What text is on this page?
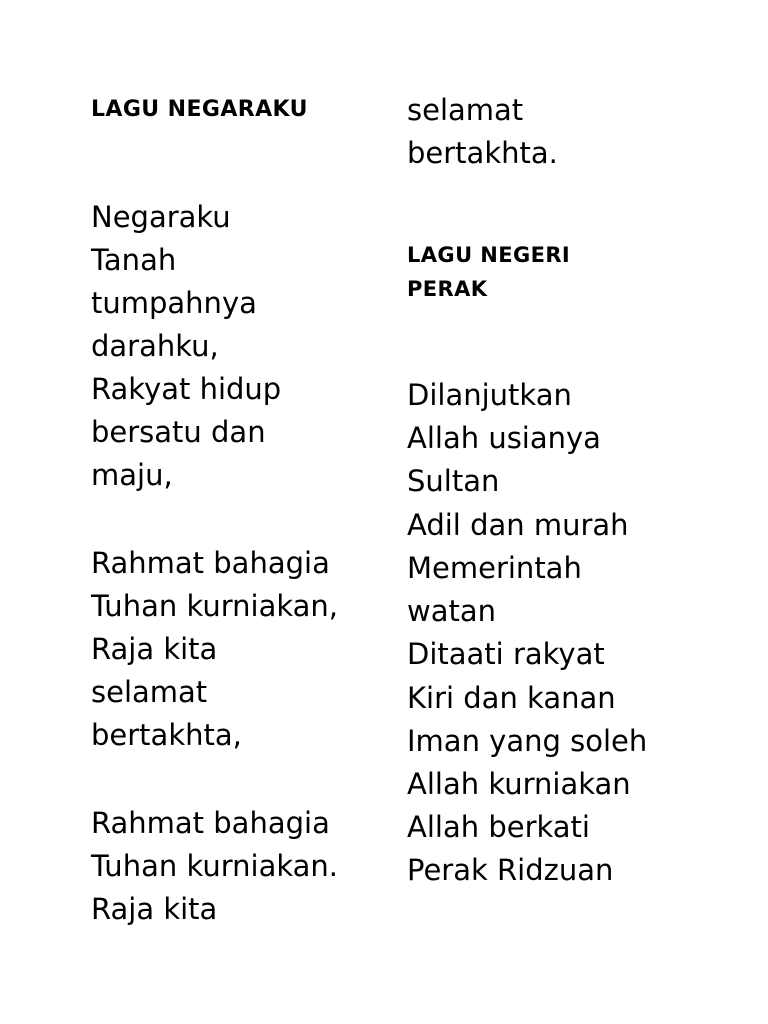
LAGU NEGARAKU
Negaraku
Tanah
tumpahnya
darahku,
Rakyat hidup
bersatu dan
maju,
Rahmat bahagia
Tuhan kurniakan,
Raja kita
selamat
bertakhta,
Rahmat bahagia
Tuhan kurniakan.
Raja kita
selamat
bertakhta.
LAGU NEGERI
PERAK
Dilanjutkan
Allah usianya
Sultan
Adil dan murah
Memerintah
watan
Ditaati rakyat
Kiri dan kanan
Iman yang soleh
Allah kurniakan
Allah berkati
Perak Ridzuan
